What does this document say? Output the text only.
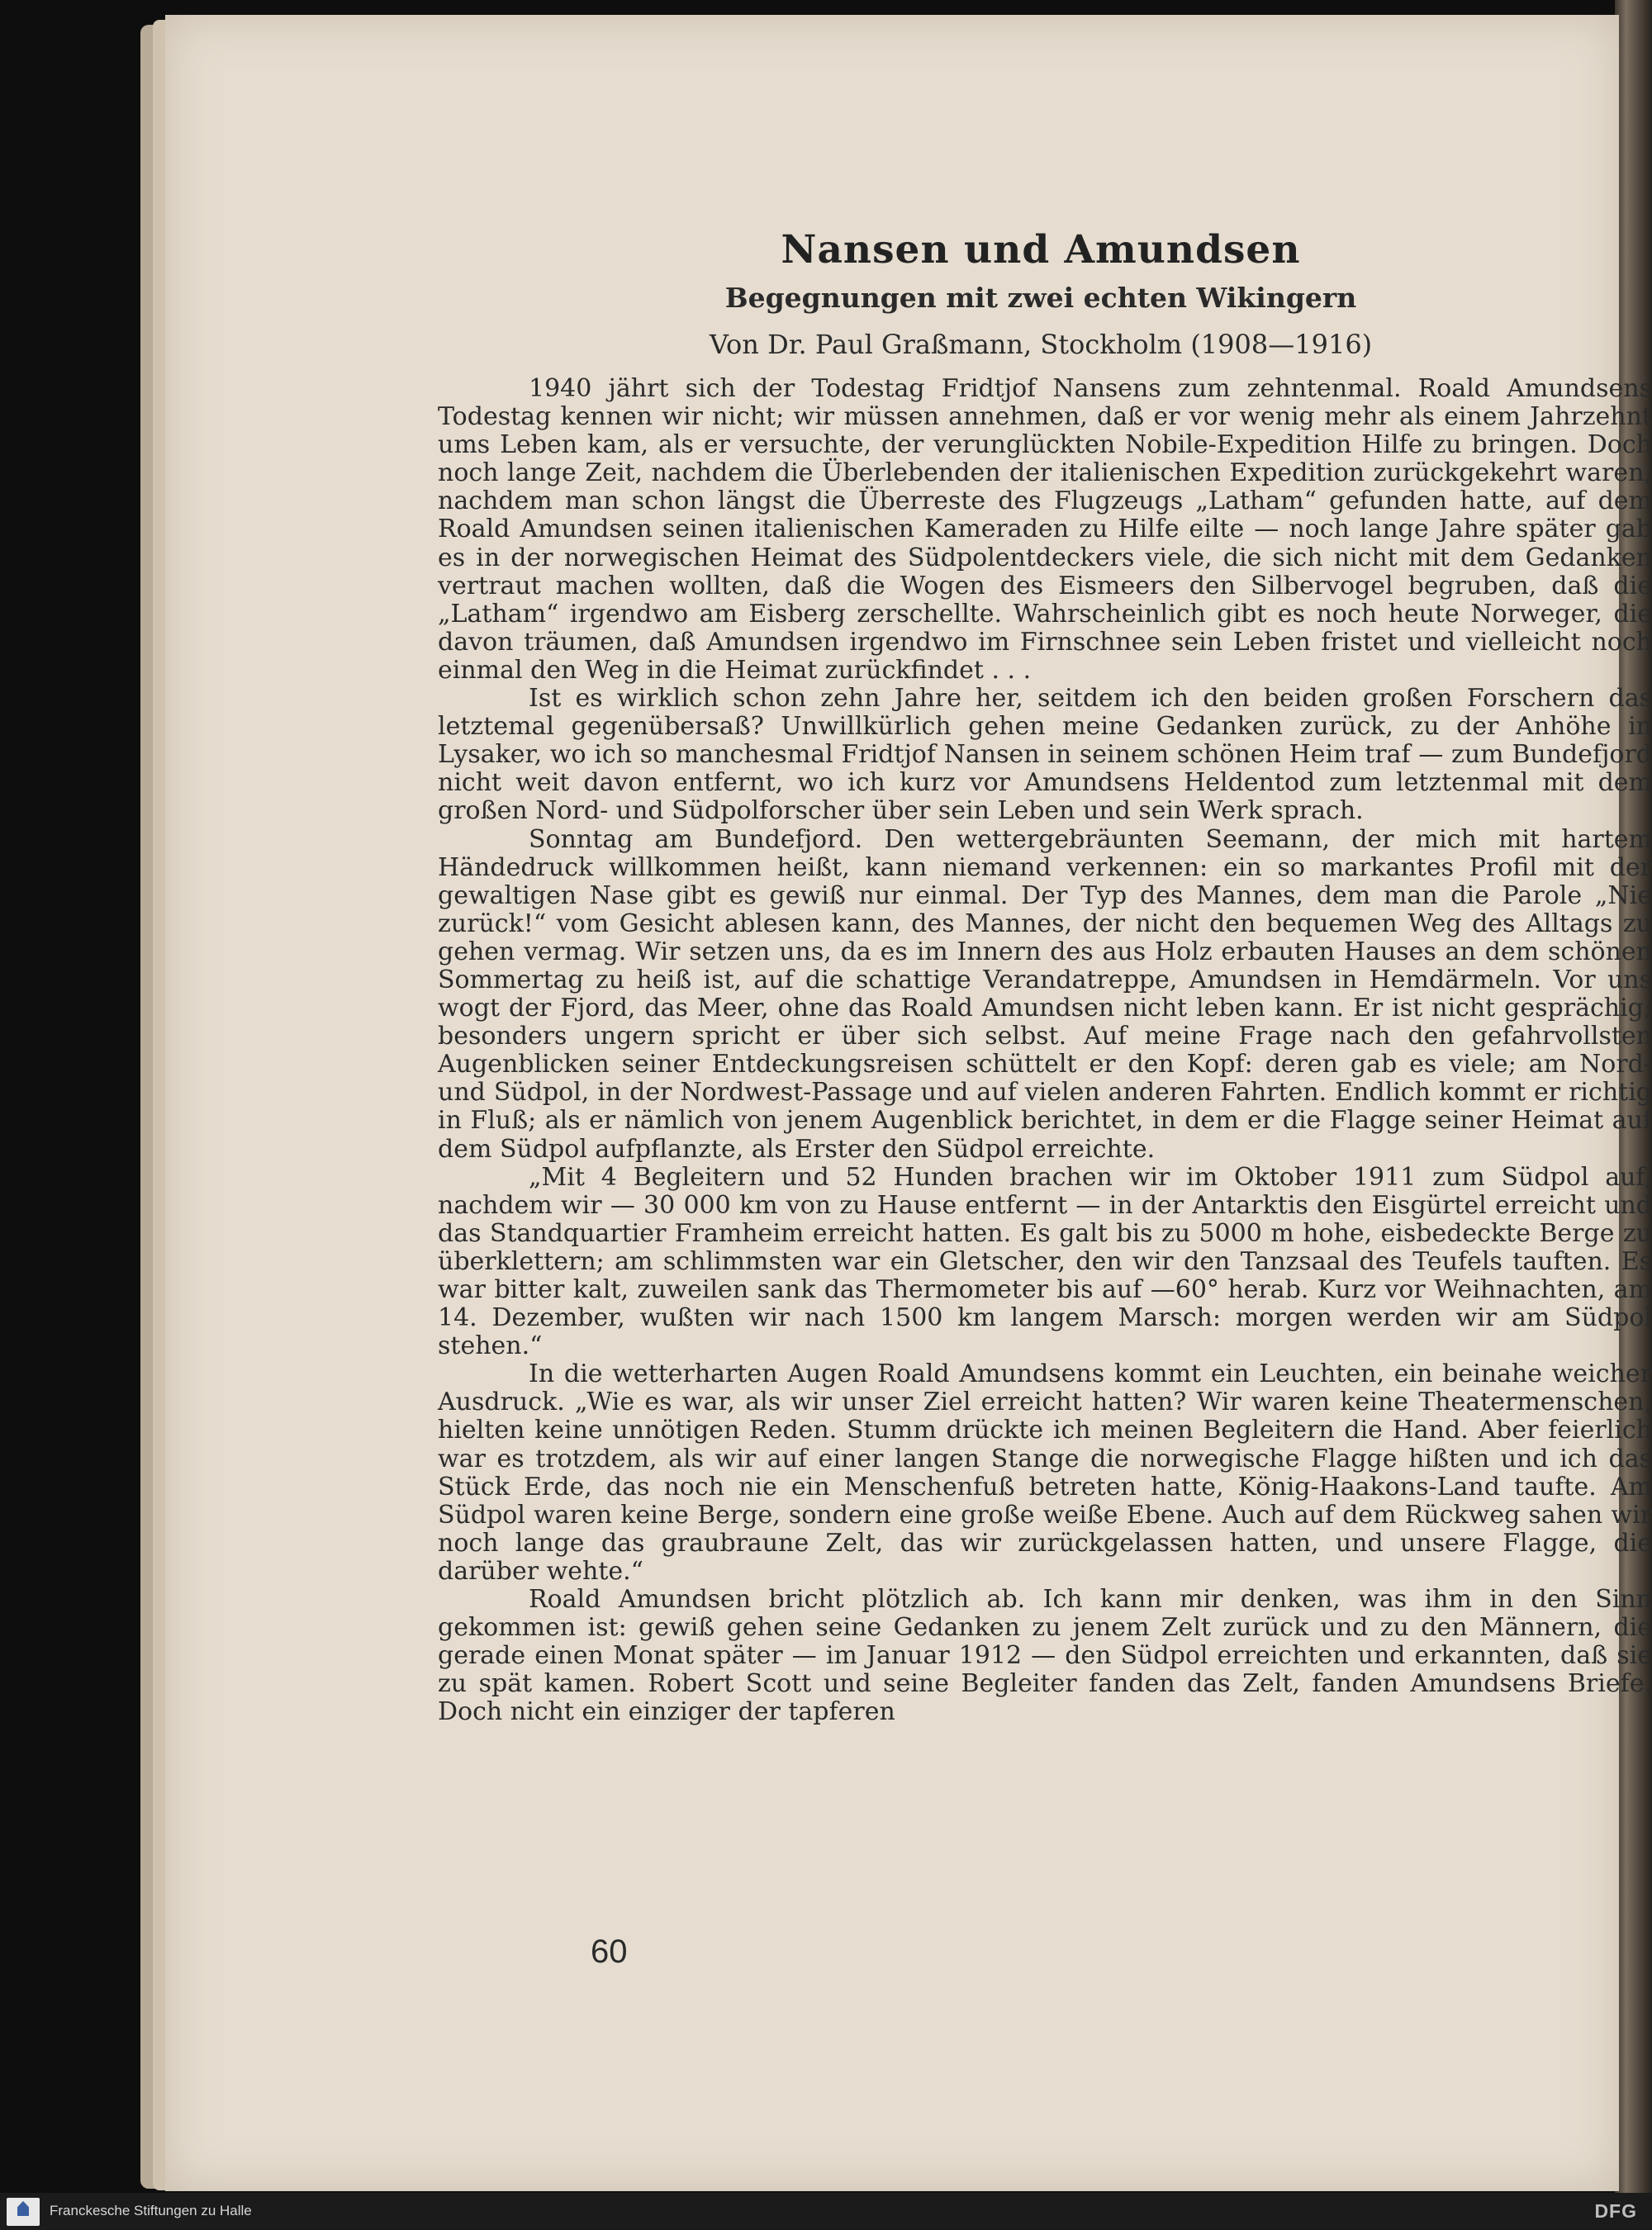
Nansen und Amundsen
Begegnungen mit zwei echten Wikingern
Von Dr. Paul Graßmann, Stockholm (1908—1916)

1940 jährt sich der Todestag Fridtjof Nansens zum zehntenmal. Roald Amundsens Todestag kennen wir nicht; wir müssen annehmen, daß er vor wenig mehr als einem Jahrzehnt ums Leben kam, als er versuchte, der verunglückten Nobile-Expedition Hilfe zu bringen. Doch noch lange Zeit, nachdem die Überlebenden der italienischen Expedition zurückgekehrt waren, nachdem man schon längst die Überreste des Flugzeugs „Latham“ gefunden hatte, auf dem Roald Amundsen seinen italienischen Kameraden zu Hilfe eilte — noch lange Jahre später gab es in der norwegischen Heimat des Südpolentdeckers viele, die sich nicht mit dem Gedanken vertraut machen wollten, daß die Wogen des Eismeers den Silbervogel begruben, daß die „Latham“ irgendwo am Eisberg zerschellte. Wahrscheinlich gibt es noch heute Norweger, die davon träumen, daß Amundsen irgendwo im Firnschnee sein Leben fristet und vielleicht noch einmal den Weg in die Heimat zurückfindet . . .

Ist es wirklich schon zehn Jahre her, seitdem ich den beiden großen Forschern das letztemal gegenübersaß? Unwillkürlich gehen meine Gedanken zurück, zu der Anhöhe in Lysaker, wo ich so manchesmal Fridtjof Nansen in seinem schönen Heim traf — zum Bundefjord nicht weit davon entfernt, wo ich kurz vor Amundsens Heldentod zum letztenmal mit dem großen Nord- und Südpolforscher über sein Leben und sein Werk sprach.

Sonntag am Bundefjord. Den wettergebräunten Seemann, der mich mit hartem Händedruck willkommen heißt, kann niemand verkennen: ein so markantes Profil mit der gewaltigen Nase gibt es gewiß nur einmal. Der Typ des Mannes, dem man die Parole „Nie zurück!“ vom Gesicht ablesen kann, des Mannes, der nicht den bequemen Weg des Alltags zu gehen vermag. Wir setzen uns, da es im Innern des aus Holz erbauten Hauses an dem schönen Sommertag zu heiß ist, auf die schattige Verandatreppe, Amundsen in Hemdärmeln. Vor uns wogt der Fjord, das Meer, ohne das Roald Amundsen nicht leben kann. Er ist nicht gesprächig; besonders ungern spricht er über sich selbst. Auf meine Frage nach den gefahrvollsten Augenblicken seiner Entdeckungsreisen schüttelt er den Kopf: deren gab es viele; am Nord- und Südpol, in der Nordwest-Passage und auf vielen anderen Fahrten. Endlich kommt er richtig in Fluß; als er nämlich von jenem Augenblick berichtet, in dem er die Flagge seiner Heimat auf dem Südpol aufpflanzte, als Erster den Südpol erreichte.

„Mit 4 Begleitern und 52 Hunden brachen wir im Oktober 1911 zum Südpol auf, nachdem wir — 30 000 km von zu Hause entfernt — in der Antarktis den Eisgürtel erreicht und das Standquartier Framheim erreicht hatten. Es galt bis zu 5000 m hohe, eisbedeckte Berge zu überklettern; am schlimmsten war ein Gletscher, den wir den Tanzsaal des Teufels tauften. Es war bitter kalt, zuweilen sank das Thermometer bis auf —60° herab. Kurz vor Weihnachten, am 14. Dezember, wußten wir nach 1500 km langem Marsch: morgen werden wir am Südpol stehen.“

In die wetterharten Augen Roald Amundsens kommt ein Leuchten, ein beinahe weicher Ausdruck. „Wie es war, als wir unser Ziel erreicht hatten? Wir waren keine Theatermenschen, hielten keine unnötigen Reden. Stumm drückte ich meinen Begleitern die Hand. Aber feierlich war es trotzdem, als wir auf einer langen Stange die norwegische Flagge hißten und ich das Stück Erde, das noch nie ein Menschenfuß betreten hatte, König-Haakons-Land taufte. Am Südpol waren keine Berge, sondern eine große weiße Ebene. Auch auf dem Rückweg sahen wir noch lange das graubraune Zelt, das wir zurückgelassen hatten, und unsere Flagge, die darüber wehte.“

Roald Amundsen bricht plötzlich ab. Ich kann mir denken, was ihm in den Sinn gekommen ist: gewiß gehen seine Gedanken zu jenem Zelt zurück und zu den Männern, die gerade einen Monat später — im Januar 1912 — den Südpol erreichten und erkannten, daß sie zu spät kamen. Robert Scott und seine Begleiter fanden das Zelt, fanden Amundsens Briefe. Doch nicht ein einziger der tapferen

60
Franckesche Stiftungen zu Halle	DFG
